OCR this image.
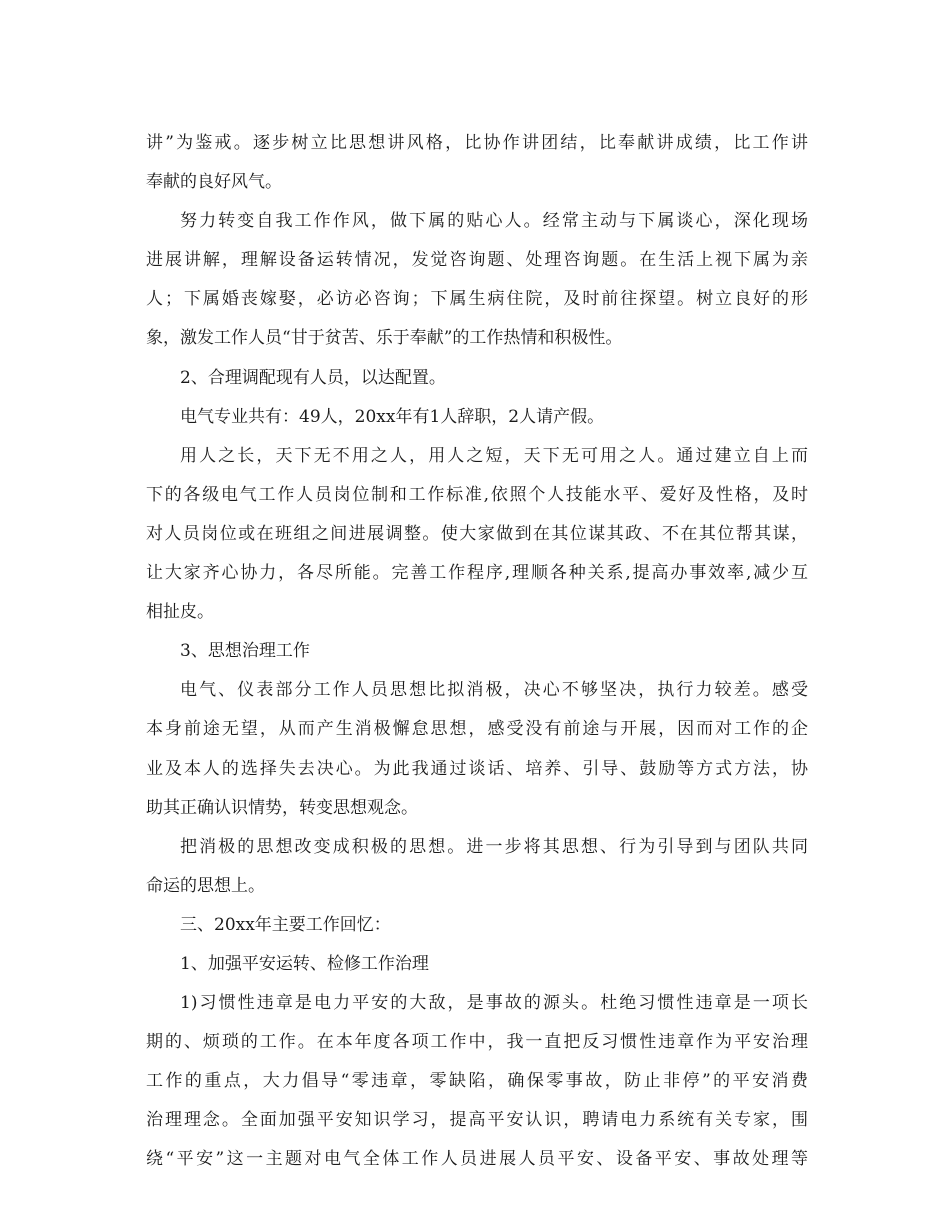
讲”为鉴戒。逐步树立比思想讲风格，比协作讲团结，比奉献讲成绩，比工作讲
奉献的良好风气。
努力转变自我工作作风，做下属的贴心人。经常主动与下属谈心，深化现场
进展讲解，理解设备运转情况，发觉咨询题、处理咨询题。在生活上视下属为亲
人；下属婚丧嫁娶，必访必咨询；下属生病住院，及时前往探望。树立良好的形
象，激发工作人员“甘于贫苦、乐于奉献”的工作热情和积极性。
2、合理调配现有人员，以达配置。
电气专业共有：49人，20xx年有1人辞职，2人请产假。
用人之长，天下无不用之人，用人之短，天下无可用之人。通过建立自上而
下的各级电气工作人员岗位制和工作标准,依照个人技能水平、爱好及性格，及时
对人员岗位或在班组之间进展调整。使大家做到在其位谋其政、不在其位帮其谋，
让大家齐心协力，各尽所能。完善工作程序,理顺各种关系,提高办事效率,减少互
相扯皮。
3、思想治理工作
电气、仪表部分工作人员思想比拟消极，决心不够坚决，执行力较差。感受
本身前途无望，从而产生消极懈怠思想，感受没有前途与开展，因而对工作的企
业及本人的选择失去决心。为此我通过谈话、培养、引导、鼓励等方式方法，协
助其正确认识情势，转变思想观念。
把消极的思想改变成积极的思想。进一步将其思想、行为引导到与团队共同
命运的思想上。
三、20xx年主要工作回忆：
1、加强平安运转、检修工作治理
1)习惯性违章是电力平安的大敌，是事故的源头。杜绝习惯性违章是一项长
期的、烦琐的工作。在本年度各项工作中，我一直把反习惯性违章作为平安治理
工作的重点，大力倡导“零违章，零缺陷，确保零事故，防止非停”的平安消费
治理理念。全面加强平安知识学习，提高平安认识，聘请电力系统有关专家，围
绕“平安”这一主题对电气全体工作人员进展人员平安、设备平安、事故处理等
